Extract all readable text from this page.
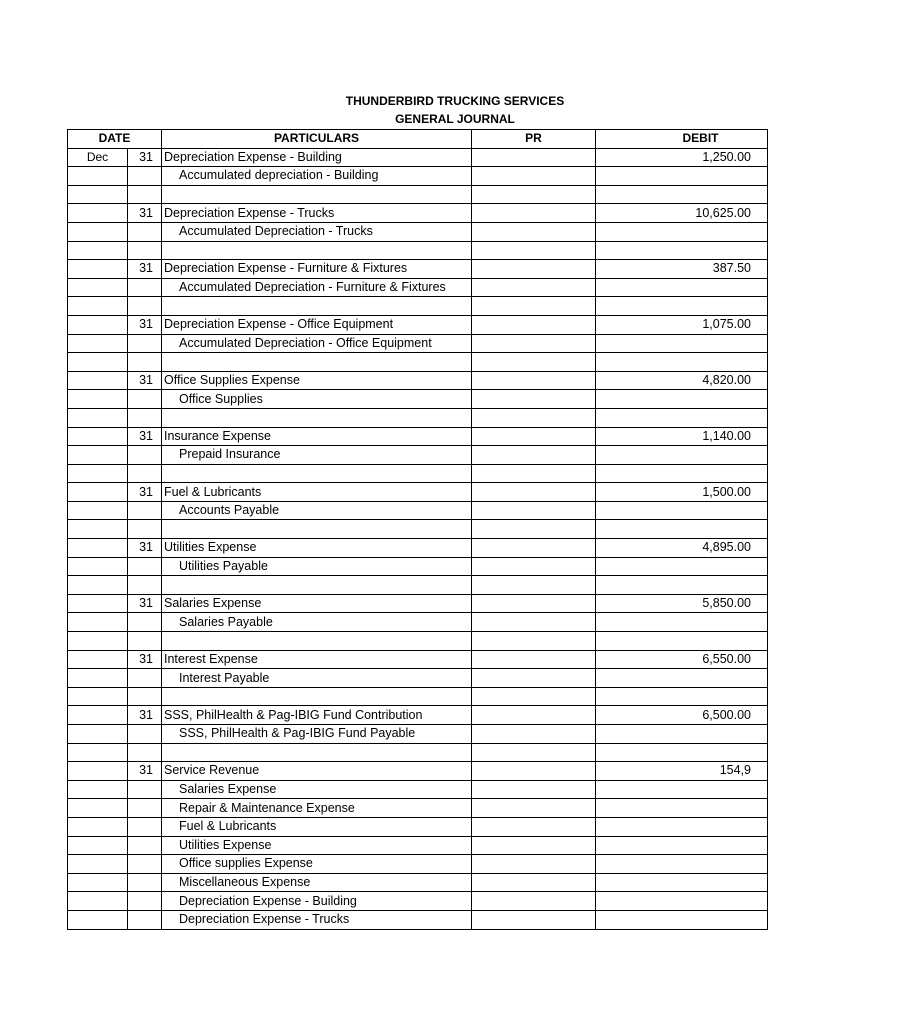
THUNDERBIRD TRUCKING SERVICES
GENERAL JOURNAL
DATE		PARTICULARS	PR	DEBIT
Dec	31	Depreciation Expense - Building		1,250.00
		Accumulated depreciation - Building		

	31	Depreciation Expense - Trucks		10,625.00
		Accumulated Depreciation - Trucks		

	31	Depreciation Expense - Furniture & Fixtures		387.50
		Accumulated Depreciation - Furniture & Fixtures		

	31	Depreciation Expense - Office Equipment		1,075.00
		Accumulated Depreciation - Office Equipment		

	31	Office Supplies Expense		4,820.00
		Office Supplies		

	31	Insurance Expense		1,140.00
		Prepaid Insurance		

	31	Fuel & Lubricants		1,500.00
		Accounts Payable		

	31	Utilities Expense		4,895.00
		Utilities Payable		

	31	Salaries Expense		5,850.00
		Salaries Payable		

	31	Interest Expense		6,550.00
		Interest Payable		

	31	SSS, PhilHealth & Pag-IBIG Fund Contribution		6,500.00
		SSS, PhilHealth & Pag-IBIG Fund Payable		

	31	Service Revenue		154,9
		Salaries Expense		
		Repair & Maintenance Expense		
		Fuel & Lubricants		
		Utilities Expense		
		Office supplies Expense		
		Miscellaneous Expense		
		Depreciation Expense - Building		
		Depreciation Expense - Trucks		
